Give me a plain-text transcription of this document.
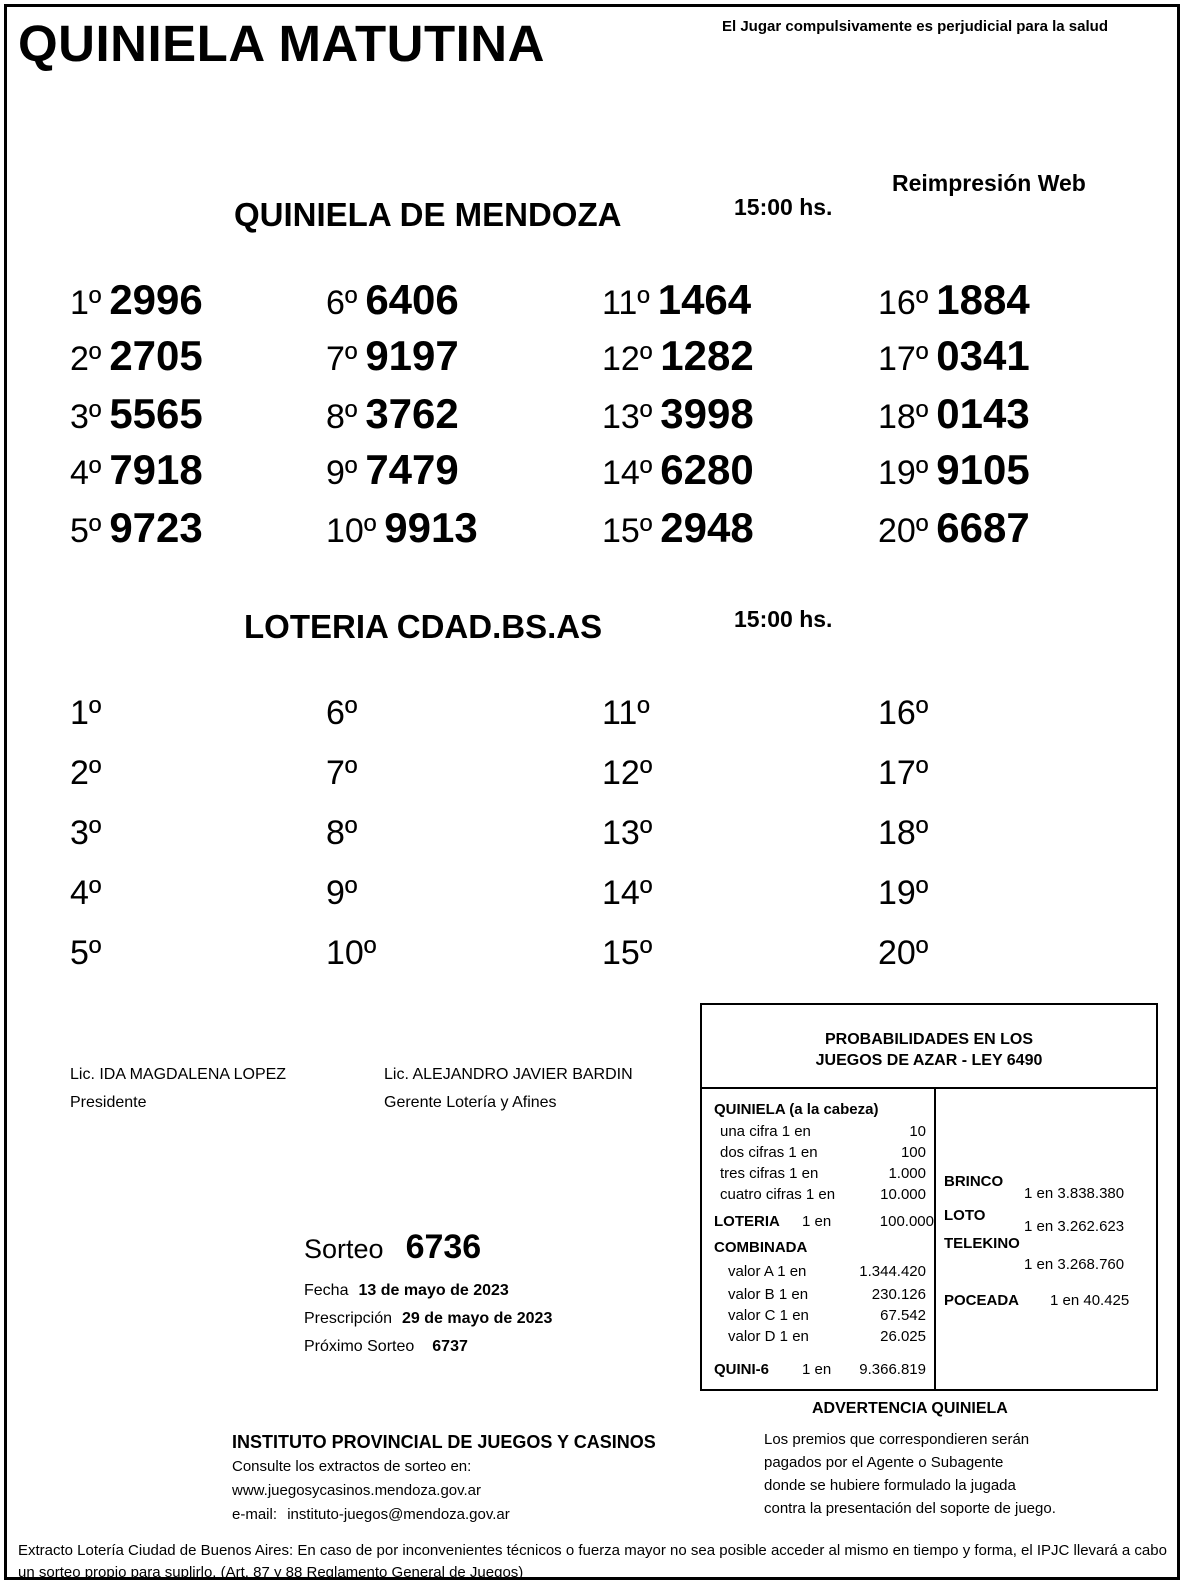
QUINIELA MATUTINA	El Jugar compulsivamente es perjudicial para la salud
Reimpresión Web
QUINIELA DE MENDOZA	15:00 hs.
1º 2996
2º 2705
3º 5565
4º 7918
5º 9723
6º 6406
7º 9197
8º 3762
9º 7479
10º 9913
11º 1464
12º 1282
13º 3998
14º 6280
15º 2948
16º 1884
17º 0341
18º 0143
19º 9105
20º 6687
LOTERIA CDAD.BS.AS	15:00 hs.
1º
2º
3º
4º
5º
6º
7º
8º
9º
10º
11º
12º
13º
14º
15º
16º
17º
18º
19º
20º
Lic. IDA MAGDALENA LOPEZ
Presidente
Lic. ALEJANDRO JAVIER BARDIN
Gerente Lotería y Afines
Sorteo 6736
Fecha 13 de mayo de 2023
Prescripción 29 de mayo de 2023
Próximo Sorteo 6737
PROBABILIDADES EN LOS
JUEGOS DE AZAR - LEY 6490
QUINIELA (a la cabeza)
una cifra 1 en	10
dos cifras 1 en	100
tres cifras 1 en	1.000
cuatro cifras 1 en	10.000
LOTERIA 1 en	100.000
COMBINADA
valor A 1 en	1.344.420
valor B 1 en	230.126
valor C 1 en	67.542
valor D 1 en	26.025
QUINI-6 1 en 9.366.819
BRINCO
1 en 3.838.380
LOTO
1 en 3.262.623
TELEKINO
1 en 3.268.760
POCEADA 1 en 40.425
ADVERTENCIA QUINIELA
Los premios que correspondieren serán
pagados por el Agente o Subagente
donde se hubiere formulado la jugada
contra la presentación del soporte de juego.
INSTITUTO PROVINCIAL DE JUEGOS Y CASINOS
Consulte los extractos de sorteo en:
www.juegosycasinos.mendoza.gov.ar
e-mail: instituto-juegos@mendoza.gov.ar
Extracto Lotería Ciudad de Buenos Aires: En caso de por inconvenientes técnicos o fuerza mayor no sea posible acceder al mismo en tiempo y forma, el IPJC llevará a cabo un sorteo propio para suplirlo. (Art. 87 y 88 Reglamento General de Juegos)
